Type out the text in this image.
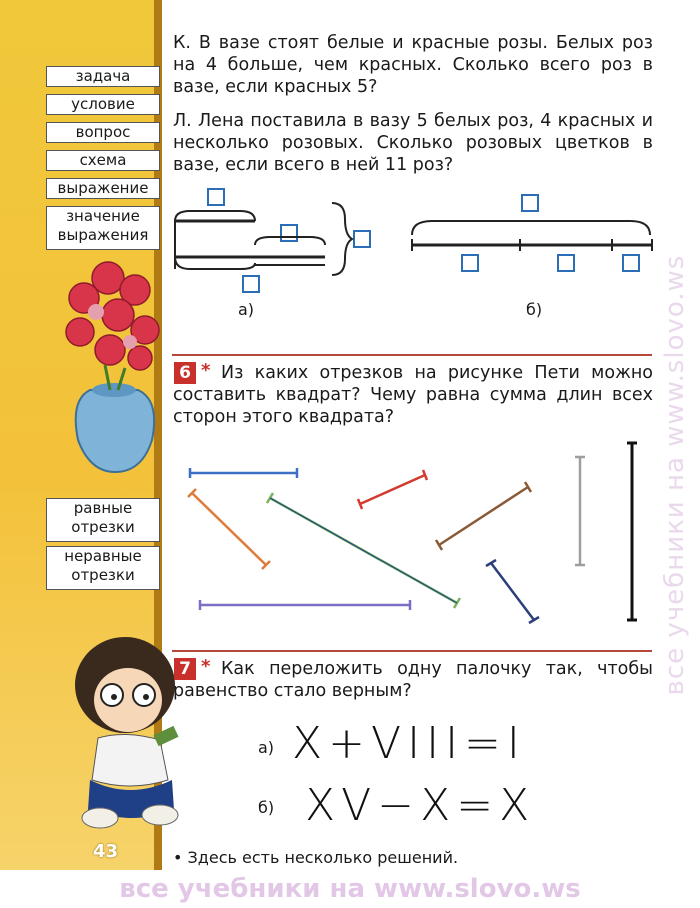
задача
условие
вопрос
схема
выражение
значение выражения
равные отрезки
неравные отрезки
43
К. В вазе стоят белые и красные розы. Белых роз на 4 больше, чем красных. Сколько всего роз в вазе, если красных 5?
Л. Лена поставила в вазу 5 белых роз, 4 красных и несколько розовых. Сколько розовых цветков в вазе, если всего в ней 11 роз?
а)	б)
6 * Из каких отрезков на рисунке Пети можно составить квадрат? Чему равна сумма длин всех сторон этого квадрата?
7 * Как переложить одну палочку так, чтобы равенство стало верным?
а) X+VIII=I
б) XV−X=X
• Здесь есть несколько решений.
все учебники на www.slovo.ws
все учебники на www.slovo.ws
